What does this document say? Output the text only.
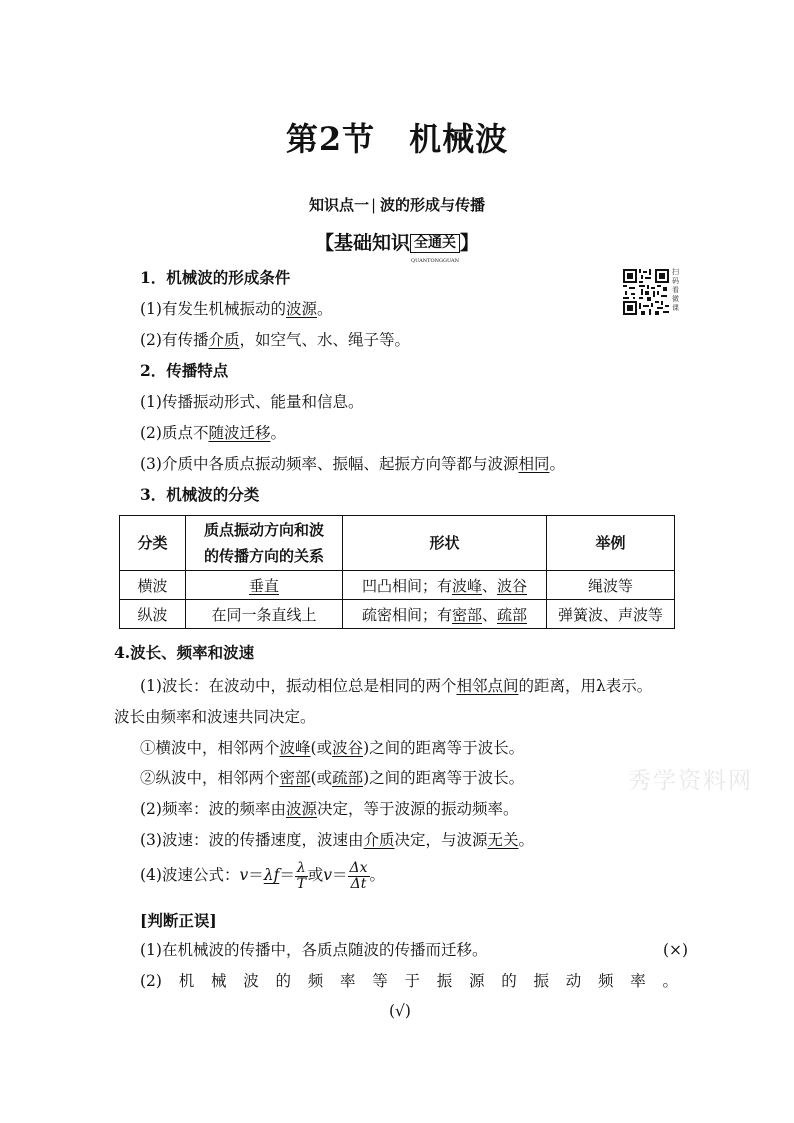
第2节 机械波
知识点一 | 波的形成与传播
【基础知识 全通关
QUANTONGGUAN
】
扫码看微课
1．机械波的形成条件
(1)有发生机械振动的波源。
(2)有传播介质，如空气、水、绳子等。
2．传播特点
(1)传播振动形式、能量和信息。
(2)质点不随波迁移。
(3)介质中各质点振动频率、振幅、起振方向等都与波源相同。
3．机械波的分类
分类	质点振动方向和波
的传播方向的关系	形状	举例
横波	垂直	凹凸相间；有波峰、波谷	绳波等
纵波	在同一条直线上	疏密相间；有密部、疏部	弹簧波、声波等
4.波长、频率和波速
(1)波长：在波动中，振动相位总是相同的两个相邻点间的距离，用λ表示。
波长由频率和波速共同决定。
①横波中，相邻两个波峰(或波谷)之间的距离等于波长。
②纵波中，相邻两个密部(或疏部)之间的距离等于波长。
(2)频率：波的频率由波源决定，等于波源的振动频率。
(3)波速：波的传播速度，波速由介质决定，与波源无关。
(4)波速公式：$v=\lambda f= \frac{\lambda}{T}$ 或$v= \frac{\Delta x}{\Delta t}$ 。
秀学资料网
[判断正误]
(1)在机械波的传播中，各质点随波的传播而迁移。	(×)
(2) 机 械 波 的 频 率 等 于 振 源 的 振 动 频 率 。
(√)
